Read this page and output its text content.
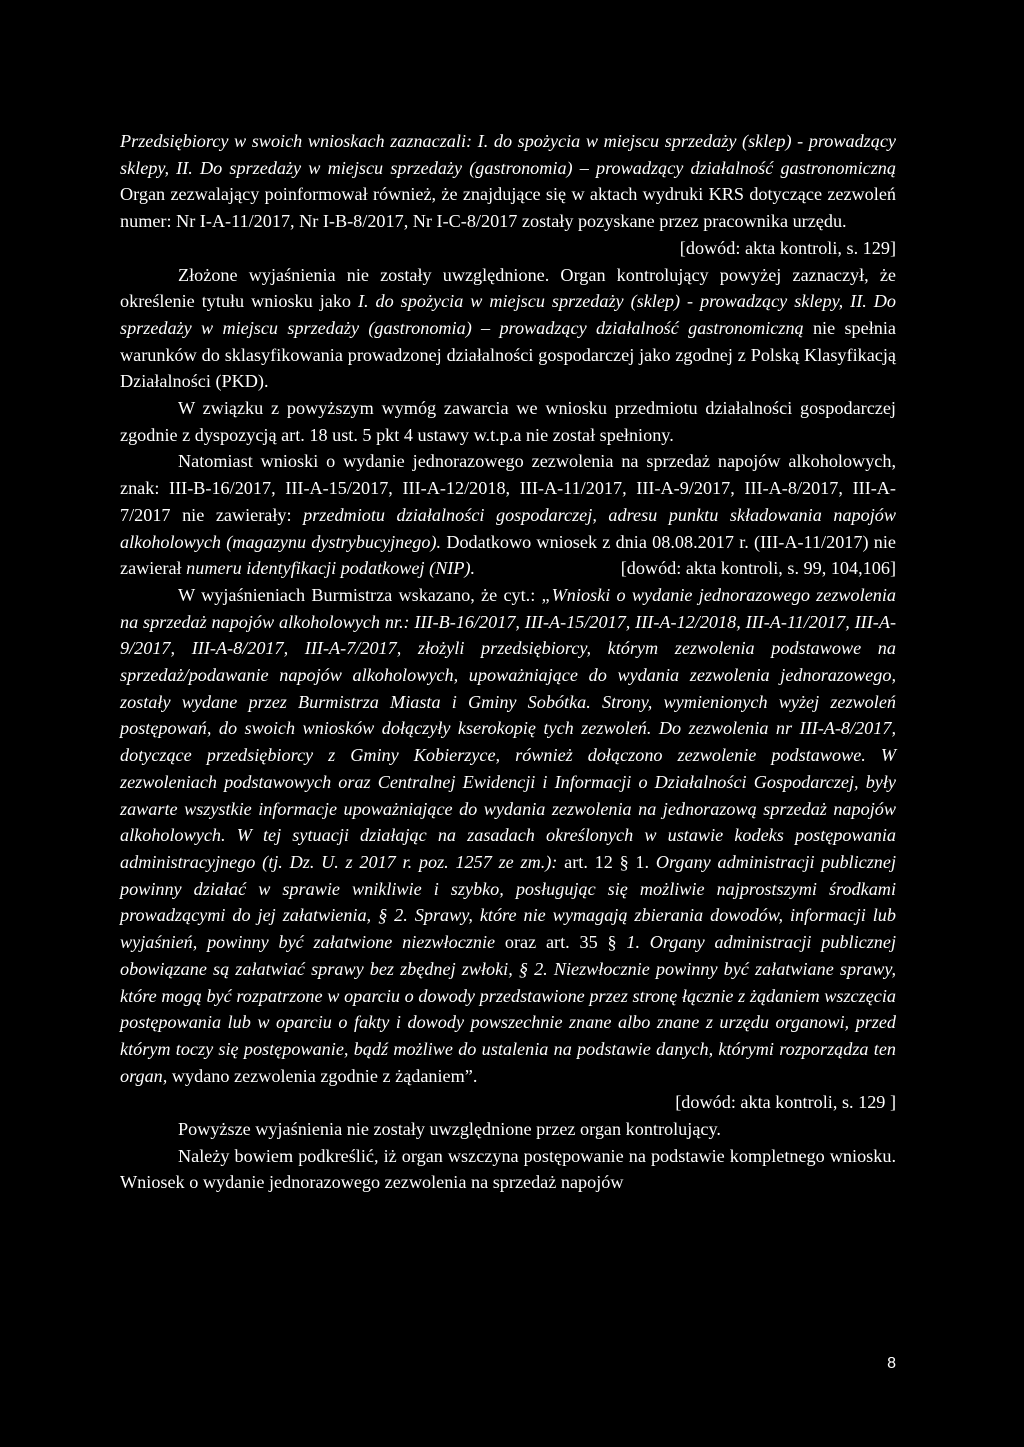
Przedsiębiorcy w swoich wnioskach zaznaczali: I. do spożycia w miejscu sprzedaży (sklep) - prowadzący sklepy, II. Do sprzedaży w miejscu sprzedaży (gastronomia) – prowadzący działalność gastronomiczną Organ zezwalający poinformował również, że znajdujące się w aktach wydruki KRS dotyczące zezwoleń numer: Nr I-A-11/2017, Nr I-B-8/2017, Nr I-C-8/2017 zostały pozyskane przez pracownika urzędu.

[dowód: akta kontroli, s. 129]

Złożone wyjaśnienia nie zostały uwzględnione. Organ kontrolujący powyżej zaznaczył, że określenie tytułu wniosku jako I. do spożycia w miejscu sprzedaży (sklep) - prowadzący sklepy, II. Do sprzedaży w miejscu sprzedaży (gastronomia) – prowadzący działalność gastronomiczną nie spełnia warunków do sklasyfikowania prowadzonej działalności gospodarczej jako zgodnej z Polską Klasyfikacją Działalności (PKD).

W związku z powyższym wymóg zawarcia we wniosku przedmiotu działalności gospodarczej zgodnie z dyspozycją art. 18 ust. 5 pkt 4 ustawy w.t.p.a nie został spełniony.

Natomiast wnioski o wydanie jednorazowego zezwolenia na sprzedaż napojów alkoholowych, znak: III-B-16/2017, III-A-15/2017, III-A-12/2018, III-A-11/2017, III-A-9/2017, III-A-8/2017, III-A-7/2017 nie zawierały: przedmiotu działalności gospodarczej, adresu punktu składowania napojów alkoholowych (magazynu dystrybucyjnego). Dodatkowo wniosek z dnia 08.08.2017 r. (III-A-11/2017) nie zawierał numeru identyfikacji podatkowej (NIP).	[dowód: akta kontroli, s. 99, 104,106]

W wyjaśnieniach Burmistrza wskazano, że cyt.: „Wnioski o wydanie jednorazowego zezwolenia na sprzedaż napojów alkoholowych nr.: III-B-16/2017, III-A-15/2017, III-A-12/2018, III-A-11/2017, III-A-9/2017, III-A-8/2017, III-A-7/2017, złożyli przedsiębiorcy, którym zezwolenia podstawowe na sprzedaż/podawanie napojów alkoholowych, upoważniające do wydania zezwolenia jednorazowego, zostały wydane przez Burmistrza Miasta i Gminy Sobótka. Strony, wymienionych wyżej zezwoleń postępowań, do swoich wniosków dołączyły kserokopię tych zezwoleń. Do zezwolenia nr III-A-8/2017, dotyczące przedsiębiorcy z Gminy Kobierzyce, również dołączono zezwolenie podstawowe. W zezwoleniach podstawowych oraz Centralnej Ewidencji i Informacji o Działalności Gospodarczej, były zawarte wszystkie informacje upoważniające do wydania zezwolenia na jednorazową sprzedaż napojów alkoholowych. W tej sytuacji działając na zasadach określonych w ustawie kodeks postępowania administracyjnego (tj. Dz. U. z 2017 r. poz. 1257 ze zm.): art. 12 § 1. Organy administracji publicznej powinny działać w sprawie wnikliwie i szybko, posługując się możliwie najprostszymi środkami prowadzącymi do jej załatwienia, § 2. Sprawy, które nie wymagają zbierania dowodów, informacji lub wyjaśnień, powinny być załatwione niezwłocznie oraz art. 35 § 1. Organy administracji publicznej obowiązane są załatwiać sprawy bez zbędnej zwłoki, § 2. Niezwłocznie powinny być załatwiane sprawy, które mogą być rozpatrzone w oparciu o dowody przedstawione przez stronę łącznie z żądaniem wszczęcia postępowania lub w oparciu o fakty i dowody powszechnie znane albo znane z urzędu organowi, przed którym toczy się postępowanie, bądź możliwe do ustalenia na podstawie danych, którymi rozporządza ten organ, wydano zezwolenia zgodnie z żądaniem”.

[dowód: akta kontroli, s. 129 ]

Powyższe wyjaśnienia nie zostały uwzględnione przez organ kontrolujący.

Należy bowiem podkreślić, iż organ wszczyna postępowanie na podstawie kompletnego wniosku. Wniosek o wydanie jednorazowego zezwolenia na sprzedaż napojów

8
